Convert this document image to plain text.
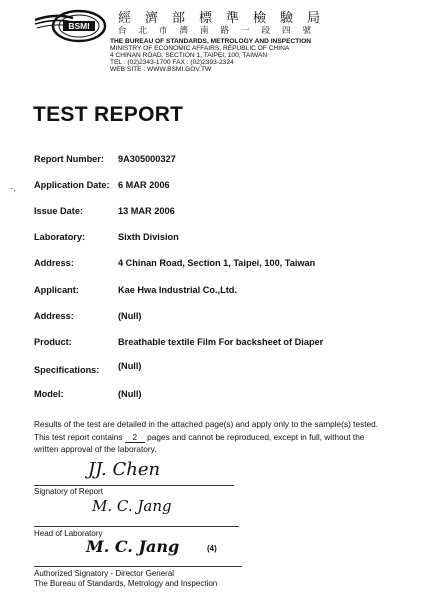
BSMI
經濟部標準檢驗局
台北市濟南路一段四號
THE BUREAU OF STANDARDS, METROLOGY AND INSPECTION
MINISTRY OF ECONOMIC AFFAIRS, REPUBLIC OF CHINA
4 CHINAN ROAD, SECTION 1, TAIPEI, 100, TAIWAN
TEL : (02)2343-1700 FAX : (02)2393-2324
WEB SITE : WWW.BSMI.GOV.TW
TEST REPORT
-,
Report Number: 9A305000327
Application Date: 6 MAR 2006
Issue Date:	13 MAR 2006
Laboratory:	Sixth Division
Address:	4 Chinan Road, Section 1, Taipei, 100, Taiwan
Applicant:	Kae Hwa Industrial Co.,Ltd.
Address:	(Null)
Product:	Breathable textile Film For backsheet of Diaper
Specifications: (Null)
Model:	(Null)
Results of the test are detailed in the attached page(s) and apply only to the sample(s) tested.
This test report contains 2 pages and cannot be reproduced, except in full, without the
written approval of the laboratory.
JJ. Chen
Signatory of Report
M. C. Jang
Head of Laboratory
M. C. Jang	(4)
Authorized Signatory - Director General
The Bureau of Standards, Metrology and Inspection
